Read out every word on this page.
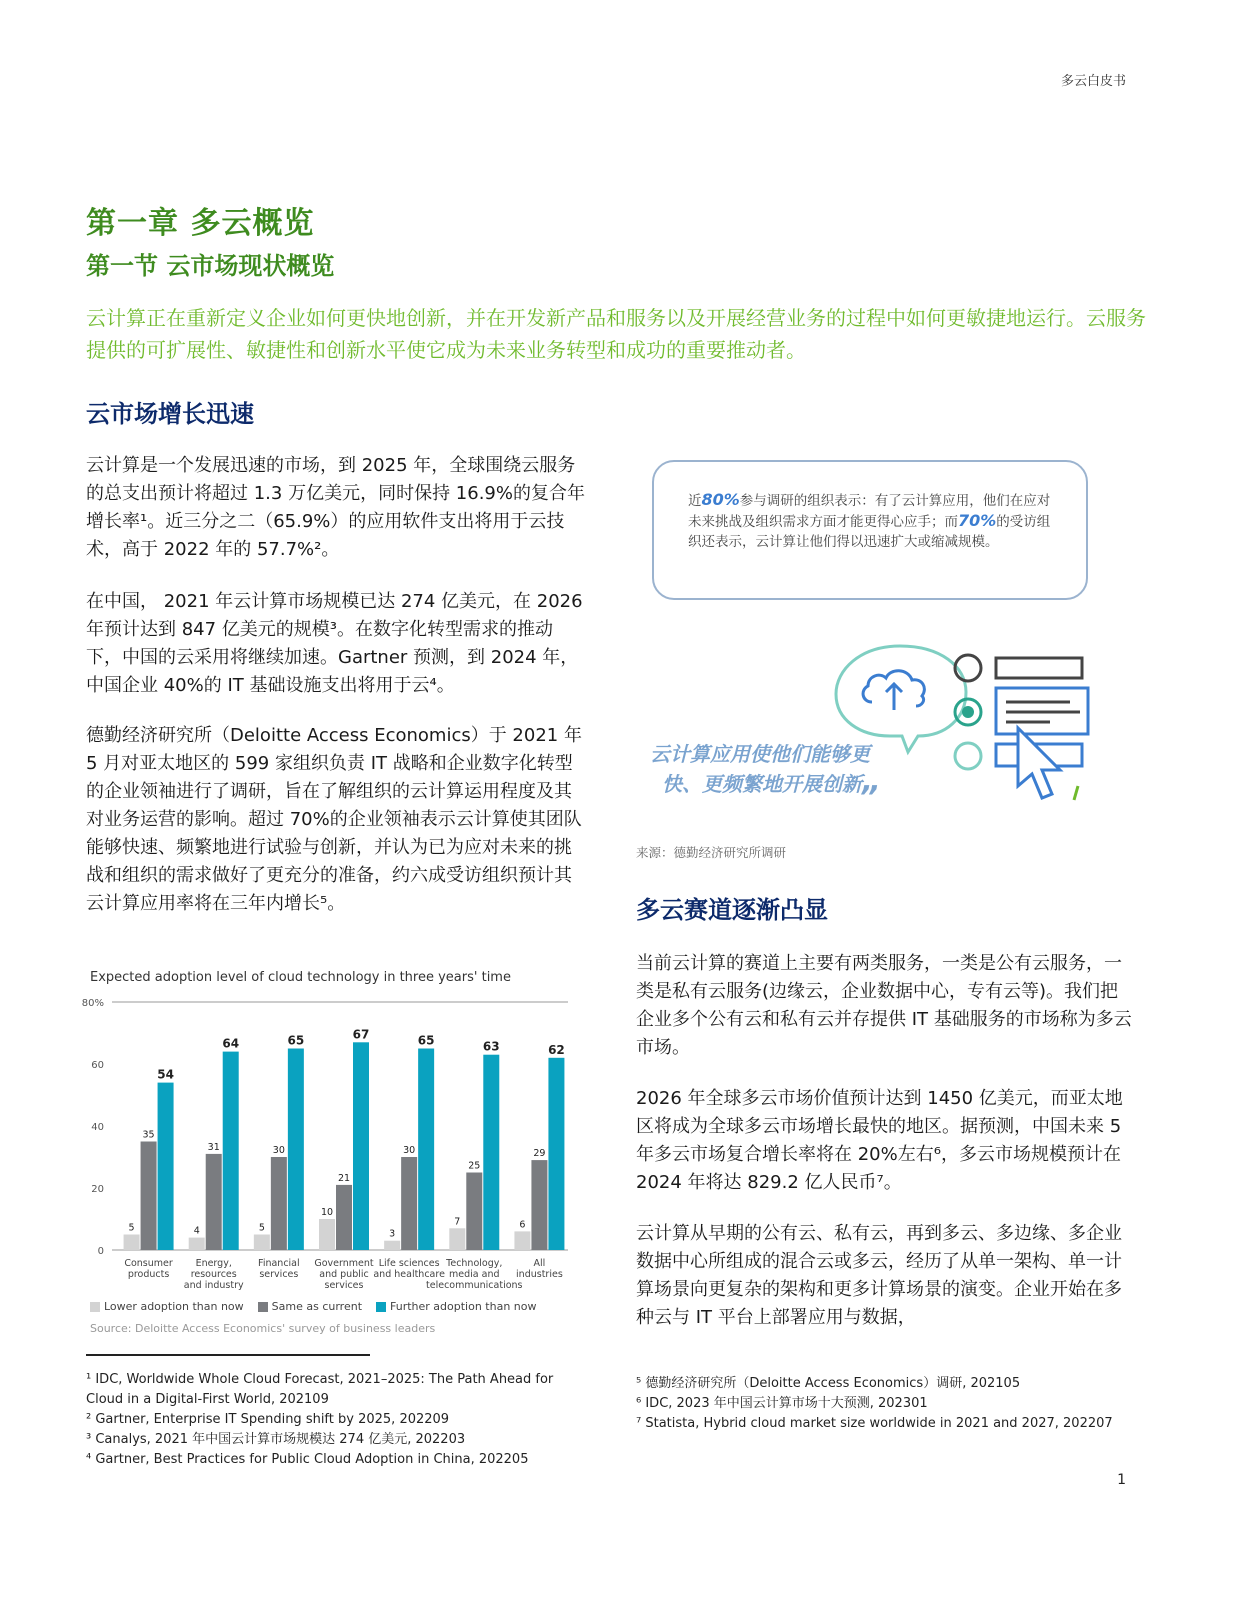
多云白皮书
第一章 多云概览
第一节 云市场现状概览
云计算正在重新定义企业如何更快地创新，并在开发新产品和服务以及开展经营业务的过程中如何更敏捷地运行。云服务提供的可扩展性、敏捷性和创新水平使它成为未来业务转型和成功的重要推动者。
云市场增长迅速
云计算是一个发展迅速的市场，到 2025 年，全球围绕云服务的总支出预计将超过 1.3 万亿美元，同时保持 16.9%的复合年增长率¹。近三分之二（65.9%）的应用软件支出将用于云技术，高于 2022 年的 57.7%²。
在中国， 2021 年云计算市场规模已达 274 亿美元，在 2026 年预计达到 847 亿美元的规模³。在数字化转型需求的推动下，中国的云采用将继续加速。Gartner 预测，到 2024 年，中国企业 40%的 IT 基础设施支出将用于云⁴。
德勤经济研究所（Deloitte Access Economics）于 2021 年 5 月对亚太地区的 599 家组织负责 IT 战略和企业数字化转型的企业领袖进行了调研，旨在了解组织的云计算运用程度及其对业务运营的影响。超过 70%的企业领袖表示云计算使其团队能够快速、频繁地进行试验与创新，并认为已为应对未来的挑战和组织的需求做好了更充分的准备，约六成受访组织预计其云计算应用率将在三年内增长⁵。
Expected adoption level of cloud technology in three years' time
0
20
40
60
80%
5
35
54
Consumer
products
4
31
64
Energy,
resources
and industry
5
30
65
Financial
services
10
21
67
Government
and public
services
3
30
65
Life sciences
and healthcare
7
25
63
Technology,
media and
telecommunications
6
29
62
All
industries
Lower adoption than now	Same as current	Further adoption than now
Source: Deloitte Access Economics' survey of business leaders
近80%参与调研的组织表示：有了云计算应用，他们在应对未来挑战及组织需求方面才能更得心应手；而70%的受访组织还表示，云计算让他们得以迅速扩大或缩减规模。
云计算应用使他们能够更
快、更频繁地开展创新„
来源：德勤经济研究所调研
多云赛道逐渐凸显
当前云计算的赛道上主要有两类服务，一类是公有云服务，一类是私有云服务(边缘云，企业数据中心，专有云等)。我们把企业多个公有云和私有云并存提供 IT 基础服务的市场称为多云市场。
2026 年全球多云市场价值预计达到 1450 亿美元，而亚太地区将成为全球多云市场增长最快的地区。据预测，中国未来 5 年多云市场复合增长率将在 20%左右⁶，多云市场规模预计在 2024 年将达 829.2 亿人民币⁷。
云计算从早期的公有云、私有云，再到多云、多边缘、多企业数据中心所组成的混合云或多云，经历了从单一架构、单一计算场景向更复杂的架构和更多计算场景的演变。企业开始在多种云与 IT 平台上部署应用与数据，
¹ IDC, Worldwide Whole Cloud Forecast, 2021–2025: The Path Ahead for Cloud in a Digital-First World, 202109
² Gartner, Enterprise IT Spending shift by 2025, 202209
³ Canalys, 2021 年中国云计算市场规模达 274 亿美元, 202203
⁴ Gartner, Best Practices for Public Cloud Adoption in China, 202205
⁵ 德勤经济研究所（Deloitte Access Economics）调研, 202105
⁶ IDC, 2023 年中国云计算市场十大预测, 202301
⁷ Statista, Hybrid cloud market size worldwide in 2021 and 2027, 202207
1
